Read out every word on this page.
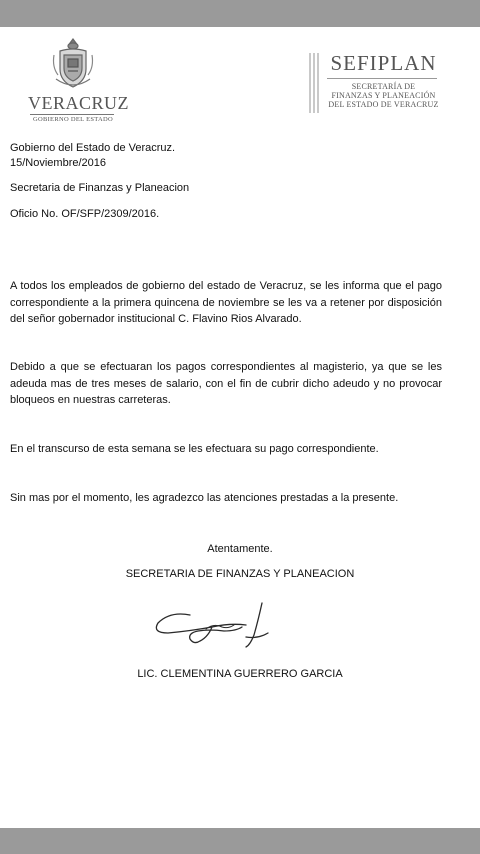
VERACRUZ
GOBIERNO DEL ESTADO
SEFIPLAN
SECRETARÍA DE
FINANZAS Y PLANEACIÓN
DEL ESTADO DE VERACRUZ
Gobierno del Estado de Veracruz.
15/Noviembre/2016
Secretaria de Finanzas y Planeacion
Oficio No. OF/SFP/2309/2016.
A todos los empleados de gobierno del estado de Veracruz, se les informa que el pago correspondiente a la primera quincena de noviembre se les va a retener por disposición del señor gobernador institucional C. Flavino Rios Alvarado.
Debido a que se efectuaran los pagos correspondientes al magisterio, ya que se les adeuda mas de tres meses de salario, con el fin de cubrir dicho adeudo y no provocar bloqueos en nuestras carreteras.
En el transcurso de esta semana se les efectuara su pago correspondiente.
Sin mas por el momento, les agradezco las atenciones prestadas a la presente.
Atentamente.
SECRETARIA DE FINANZAS Y PLANEACION
LIC. CLEMENTINA GUERRERO GARCIA
